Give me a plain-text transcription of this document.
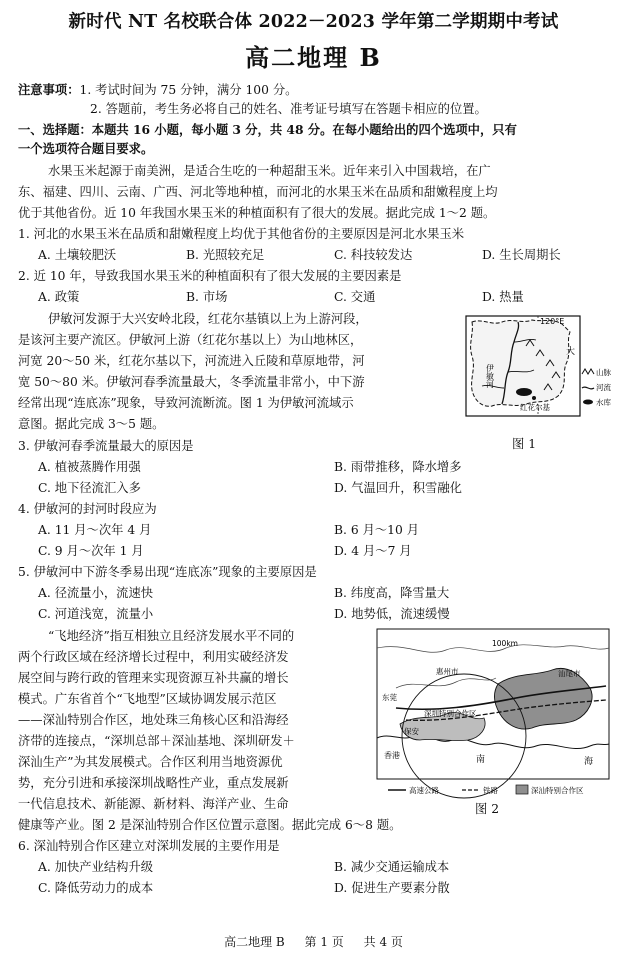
新时代 NT 名校联合体 2022－2023 学年第二学期期中考试
高二地理 B
注意事项：1. 考试时间为 75 分钟，满分 100 分。
2. 答题前，考生务必将自己的姓名、准考证号填写在答题卡相应的位置。
一、选择题：本题共 16 小题，每小题 3 分，共 48 分。在每小题给出的四个选项中，只有
一个选项符合题目要求。
水果玉米起源于南美洲，是适合生吃的一种超甜玉米。近年来引入中国栽培，在广
东、福建、四川、云南、广西、河北等地种植，而河北的水果玉米在品质和甜嫩程度上均
优于其他省份。近 10 年我国水果玉米的种植面积有了很大的发展。据此完成 1～2 题。
1. 河北的水果玉米在品质和甜嫩程度上均优于其他省份的主要原因是河北水果玉米
A. 土壤较肥沃	B. 光照较充足	C. 科技较发达	D. 生长周期长
2. 近 10 年，导致我国水果玉米的种植面积有了很大发展的主要因素是
A. 政策	B. 市场	C. 交通	D. 热量
伊敏河发源于大兴安岭北段，红花尔基镇以上为上游河段，
是该河主要产流区。伊敏河上游（红花尔基以上）为山地林区，
河宽 20～50 米，红花尔基以下，河流进入丘陵和草原地带，河
宽 50～80 米。伊敏河春季流量最大，冬季流量非常小，中下游
经常出现“连底冻”现象，导致河流断流。图 1 为伊敏河流域示
意图。据此完成 3～5 题。
120°E
大
伊敏河
红花尔基
山脉
河流
水库
图 1
3. 伊敏河春季流量最大的原因是
A. 植被蒸腾作用强	B. 雨带推移，降水增多
C. 地下径流汇入多	D. 气温回升，积雪融化
4. 伊敏河的封河时段应为
A. 11 月～次年 4 月	B. 6 月～10 月
C. 9 月～次年 1 月	D. 4 月～7 月
5. 伊敏河中下游冬季易出现“连底冻”现象的主要原因是
A. 径流量小，流速快	B. 纬度高，降雪量大
C. 河道浅宽，流量小	D. 地势低，流速缓慢
“飞地经济”指互相独立且经济发展水平不同的
两个行政区域在经济增长过程中，利用实破经济发
展空间与跨行政的管理来实现资源互补共赢的增长
模式。广东省首个“飞地型”区域协调发展示范区
——深汕特别合作区，地处珠三角核心区和沿海经
济带的连接点，“深圳总部＋深汕基地、深圳研发＋
深汕生产”为其发展模式。合作区利用当地资源优
势，充分引进和承接深圳战略性产业，重点发展新
一代信息技术、新能源、新材料、海洋产业、生命
健康等产业。图 2 是深汕特别合作区位置示意图。据此完成 6～8 题。
100km
惠州市
东莞
深圳特别合作区
汕尾市
保安
香港	南	海
高速公路	铁路	深汕特别合作区
图 2
6. 深汕特别合作区建立对深圳发展的主要作用是
A. 加快产业结构升级	B. 减少交通运输成本
C. 降低劳动力的成本	D. 促进生产要素分散
高二地理 B 第 1 页 共 4 页
